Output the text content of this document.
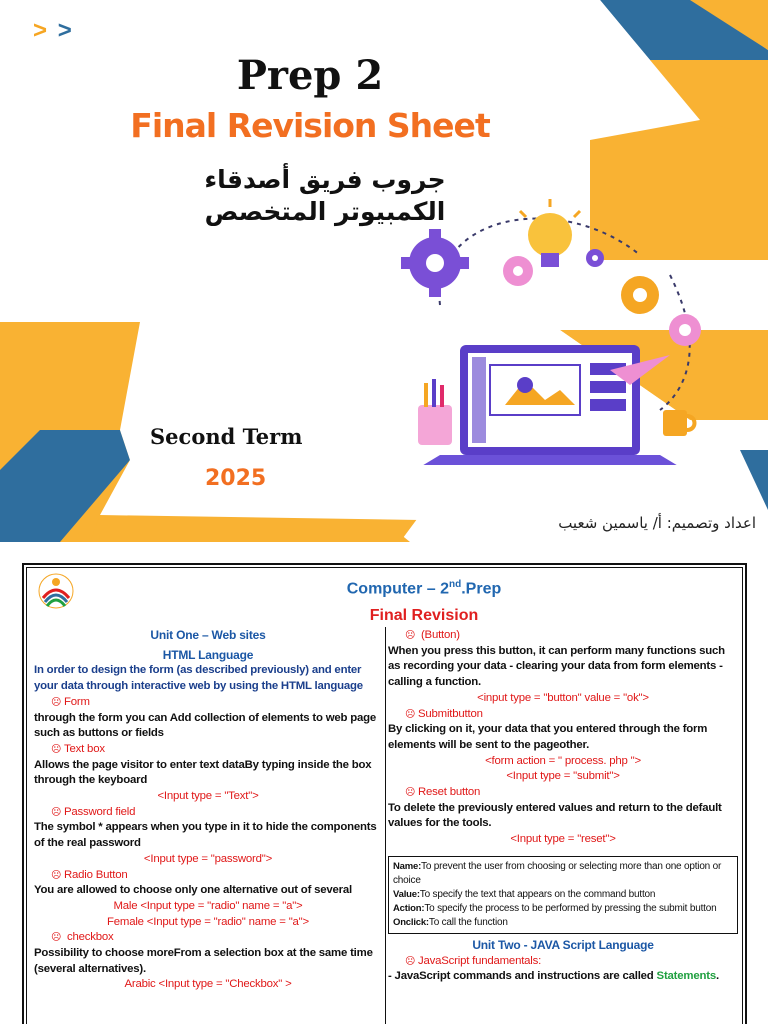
> >
Prep 2
Final Revision Sheet
جروب فريق أصدقاء الكمبيوتر المتخصص
Second Term
2025
اعداد وتصميم: أ/ ياسمين شعيب
Computer – 2nd.Prep
Final Revision
Unit One – Web sites
HTML Language
In order to design the form (as described previously) and enter your data through interactive web by using the HTML language
☹ Form
through the form you can Add collection of elements to web page such as buttons or fields
☹ Text box
Allows the page visitor to enter text dataBy typing inside the box through the keyboard
<Input type = "Text">
☹ Password field
The symbol * appears when you type in it to hide the components of the real password
<Input type = "password">
☹ Radio Button
You are allowed to choose only one alternative out of several
Male <Input type = "radio" name = "a">
Female <Input type = "radio" name = "a">
☹ checkbox
Possibility to choose moreFrom a selection box at the same time (several alternatives).
Arabic <Input type = "Checkbox" >
☹ (Button)
When you press this button, it can perform many functions such as recording your data - clearing your data from form elements - calling a function.
<input type = "button" value = "ok">
☹ Submitbutton
By clicking on it, your data that you entered through the form elements will be sent to the pageother.
<form action = " process. php ">
<Input type = "submit">
☹ Reset button
To delete the previously entered values and return to the default values for the tools.
<Input type = "reset">
Name:To prevent the user from choosing or selecting more than one option or choice
Value:To specify the text that appears on the command button
Action:To specify the process to be performed by pressing the submit button
Onclick:To call the function
Unit Two - JAVA Script Language
☹ JavaScript fundamentals:
- JavaScript commands and instructions are called Statements.
